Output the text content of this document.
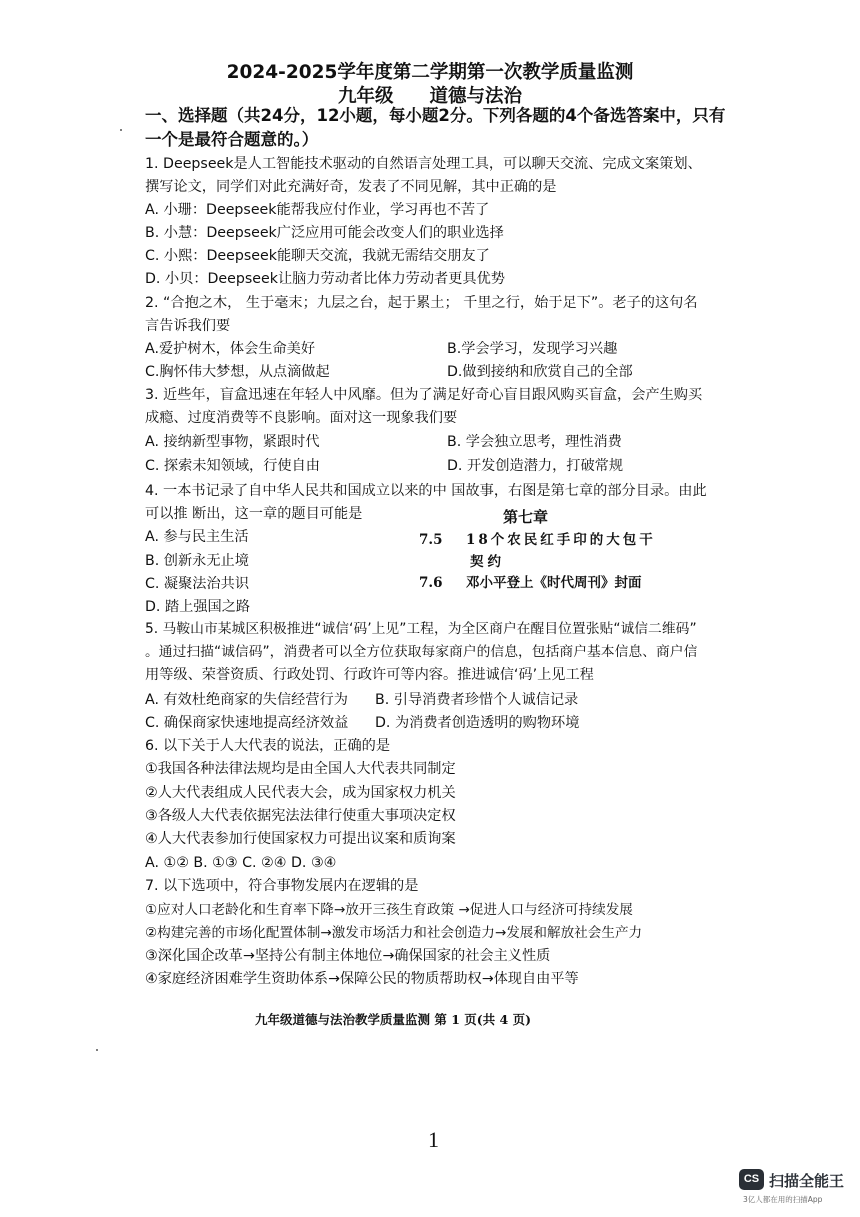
2024-2025学年度第二学期第一次教学质量监测
九年级 道德与法治
一、选择题（共24分，12小题，每小题2分。下列各题的4个备选答案中，只有
一个是最符合题意的。）
1. Deepseek是人工智能技术驱动的自然语言处理工具，可以聊天交流、完成文案策划、
撰写论文，同学们对此充满好奇，发表了不同见解，其中正确的是
A. 小珊：Deepseek能帮我应付作业，学习再也不苦了
B. 小慧：Deepseek广泛应用可能会改变人们的职业选择
C. 小熙：Deepseek能聊天交流，我就无需结交朋友了
D. 小贝：Deepseek让脑力劳动者比体力劳动者更具优势
2. “合抱之木， 生于毫末；九层之台，起于累土； 千里之行，始于足下”。老子的这句名
言告诉我们要
A.爱护树木，体会生命美好	B.学会学习，发现学习兴趣
C.胸怀伟大梦想，从点滴做起	D.做到接纳和欣赏自己的全部
3. 近些年，盲盒迅速在年轻人中风靡。但为了满足好奇心盲目跟风购买盲盒，会产生购买
成瘾、过度消费等不良影响。面对这一现象我们要
A. 接纳新型事物，紧跟时代	B. 学会独立思考，理性消费
C. 探索未知领域，行使自由	D. 开发创造潜力，打破常规
4. 一本书记录了自中华人民共和国成立以来的中 国故事，右图是第七章的部分目录。由此
可以推 断出，这一章的题目可能是
A. 参与民主生活
B. 创新永无止境
C. 凝聚法治共识
D. 踏上强国之路
第七章
7.5 18个农民红手印的大包干
契约
7.6 邓小平登上《时代周刊》封面
5. 马鞍山市某城区积极推进“诚信‘码’上见”工程，为全区商户在醒目位置张贴“诚信二维码”
。通过扫描“诚信码”，消费者可以全方位获取每家商户的信息，包括商户基本信息、商户信
用等级、荣誉资质、行政处罚、行政许可等内容。推进诚信‘码’上见工程
A. 有效杜绝商家的失信经营行为 B. 引导消费者珍惜个人诚信记录
C. 确保商家快速地提高经济效益 D. 为消费者创造透明的购物环境
6. 以下关于人大代表的说法，正确的是
①我国各种法律法规均是由全国人大代表共同制定
②人大代表组成人民代表大会，成为国家权力机关
③各级人大代表依据宪法法律行使重大事项决定权
④人大代表参加行使国家权力可提出议案和质询案
A. ①② B. ①③ C. ②④ D. ③④
7. 以下选项中，符合事物发展内在逻辑的是
①应对人口老龄化和生育率下降→放开三孩生育政策 →促进人口与经济可持续发展
②构建完善的市场化配置体制→激发市场活力和社会创造力→发展和解放社会生产力
③深化国企改革→坚持公有制主体地位→确保国家的社会主义性质
④家庭经济困难学生资助体系→保障公民的物质帮助权→体现自由平等
九年级道德与法治教学质量监测 第 1 页(共 4 页)
1
CS 扫描全能王
3亿人都在用的扫描App
